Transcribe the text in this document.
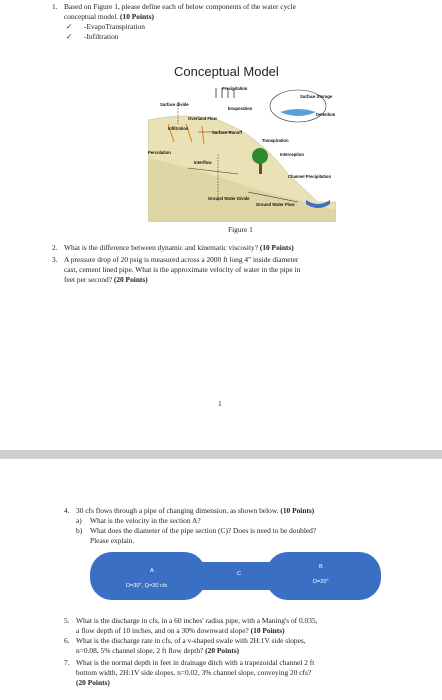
1. Based on Figure 1, please define each of below components of the water cycle
conceptual model. (10 Points)
✓ -EvapoTranspiration
✓ -Infiltration
Conceptual Model
Precipitation
Surface divide
Evaporation
Surface Storage
Detention
Overland Flow
Infiltration
Surface Runoff
Transpiration
Percolation
Interflow
Interception
Channel Precipitation
Ground Water Divide
Ground Water Flow
Figure 1
2. What is the difference between dynamic and kinematic viscosity? (10 Points)
3. A pressure drop of 20 psig is measured across a 2000 ft long 4" inside diameter
cast, cement lined pipe. What is the approximate velocity of water in the pipe in
feet per second? (20 Points)
1
4. 30 cfs flows through a pipe of changing dimension, as shown below. (10 Points)
a) What is the velocity in the section A?
b) What does the diameter of the pipe section (C)? Does is need to be doubled?
Please explain.
A
D=30", Q=30 cfs
C
B
D=20"
5. What is the discharge in cfs, in a 60 inches' radius pipe, with a Maning's of 0.035,
a flow depth of 10 inches, and on a 30% downward slope? (10 Points)
6. What is the discharge rate in cfs, of a v-shaped swale with 2H:1V side slopes,
n=0.08, 5% channel slope, 2 ft flow depth? (20 Points)
7. What is the normal depth in feet in drainage ditch with a trapezoidal channel 2 ft
bottom width, 2H:1V side slopes, n=0.02, 3% channel slope, conveying 20 cfs?
(20 Points)
